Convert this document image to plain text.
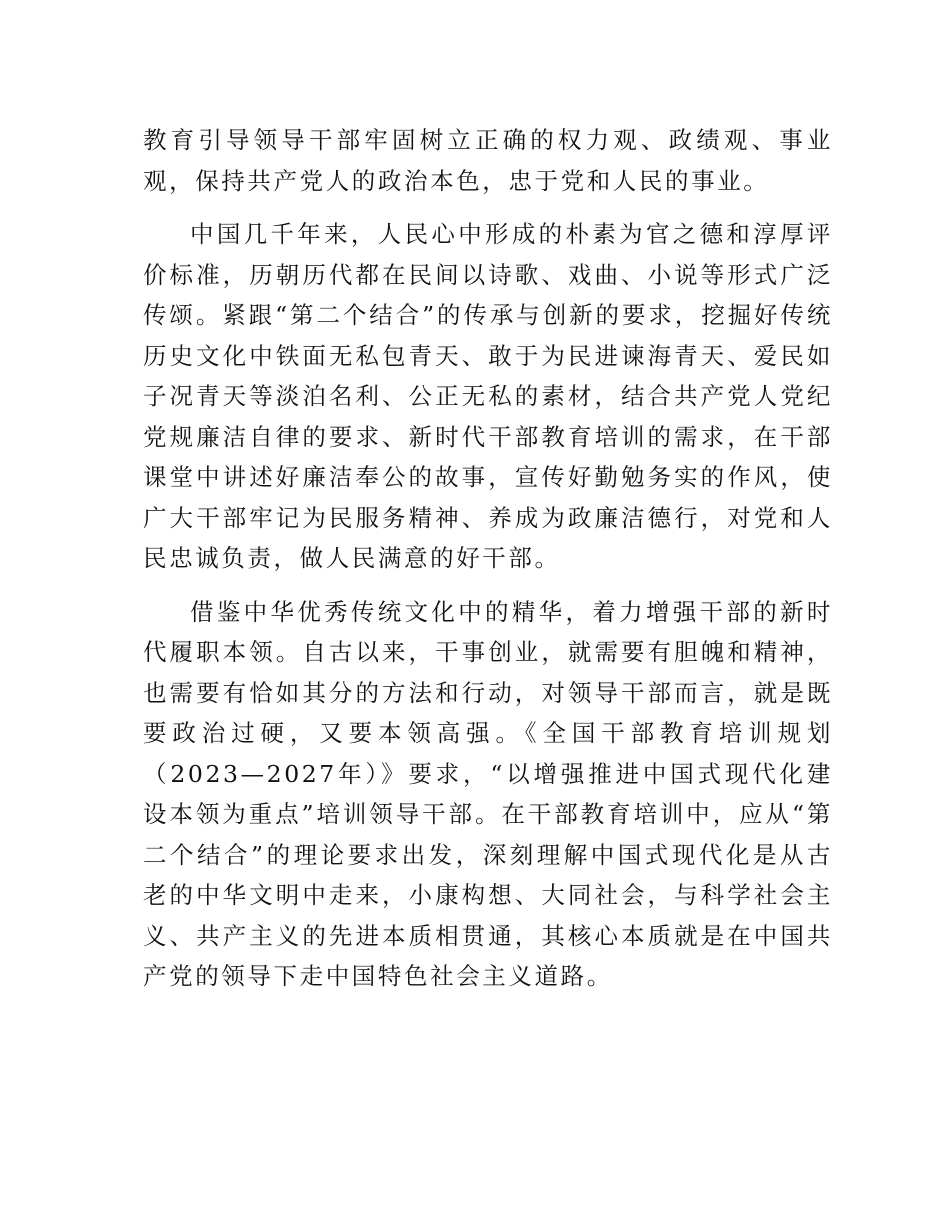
教育引导领导干部牢固树立正确的权力观、政绩观、事业观，保持共产党人的政治本色，忠于党和人民的事业。

中国几千年来，人民心中形成的朴素为官之德和淳厚评价标准，历朝历代都在民间以诗歌、戏曲、小说等形式广泛传颂。紧跟“第二个结合”的传承与创新的要求，挖掘好传统历史文化中铁面无私包青天、敢于为民进谏海青天、爱民如子况青天等淡泊名利、公正无私的素材，结合共产党人党纪党规廉洁自律的要求、新时代干部教育培训的需求，在干部课堂中讲述好廉洁奉公的故事，宣传好勤勉务实的作风，使广大干部牢记为民服务精神、养成为政廉洁德行，对党和人民忠诚负责，做人民满意的好干部。

借鉴中华优秀传统文化中的精华，着力增强干部的新时代履职本领。自古以来，干事创业，就需要有胆魄和精神，也需要有恰如其分的方法和行动，对领导干部而言，就是既要政治过硬，又要本领高强。《全国干部教育培训规划（2023—2027年）》要求，“以增强推进中国式现代化建设本领为重点”培训领导干部。在干部教育培训中，应从“第二个结合”的理论要求出发，深刻理解中国式现代化是从古老的中华文明中走来，小康构想、大同社会，与科学社会主义、共产主义的先进本质相贯通，其核心本质就是在中国共产党的领导下走中国特色社会主义道路。
